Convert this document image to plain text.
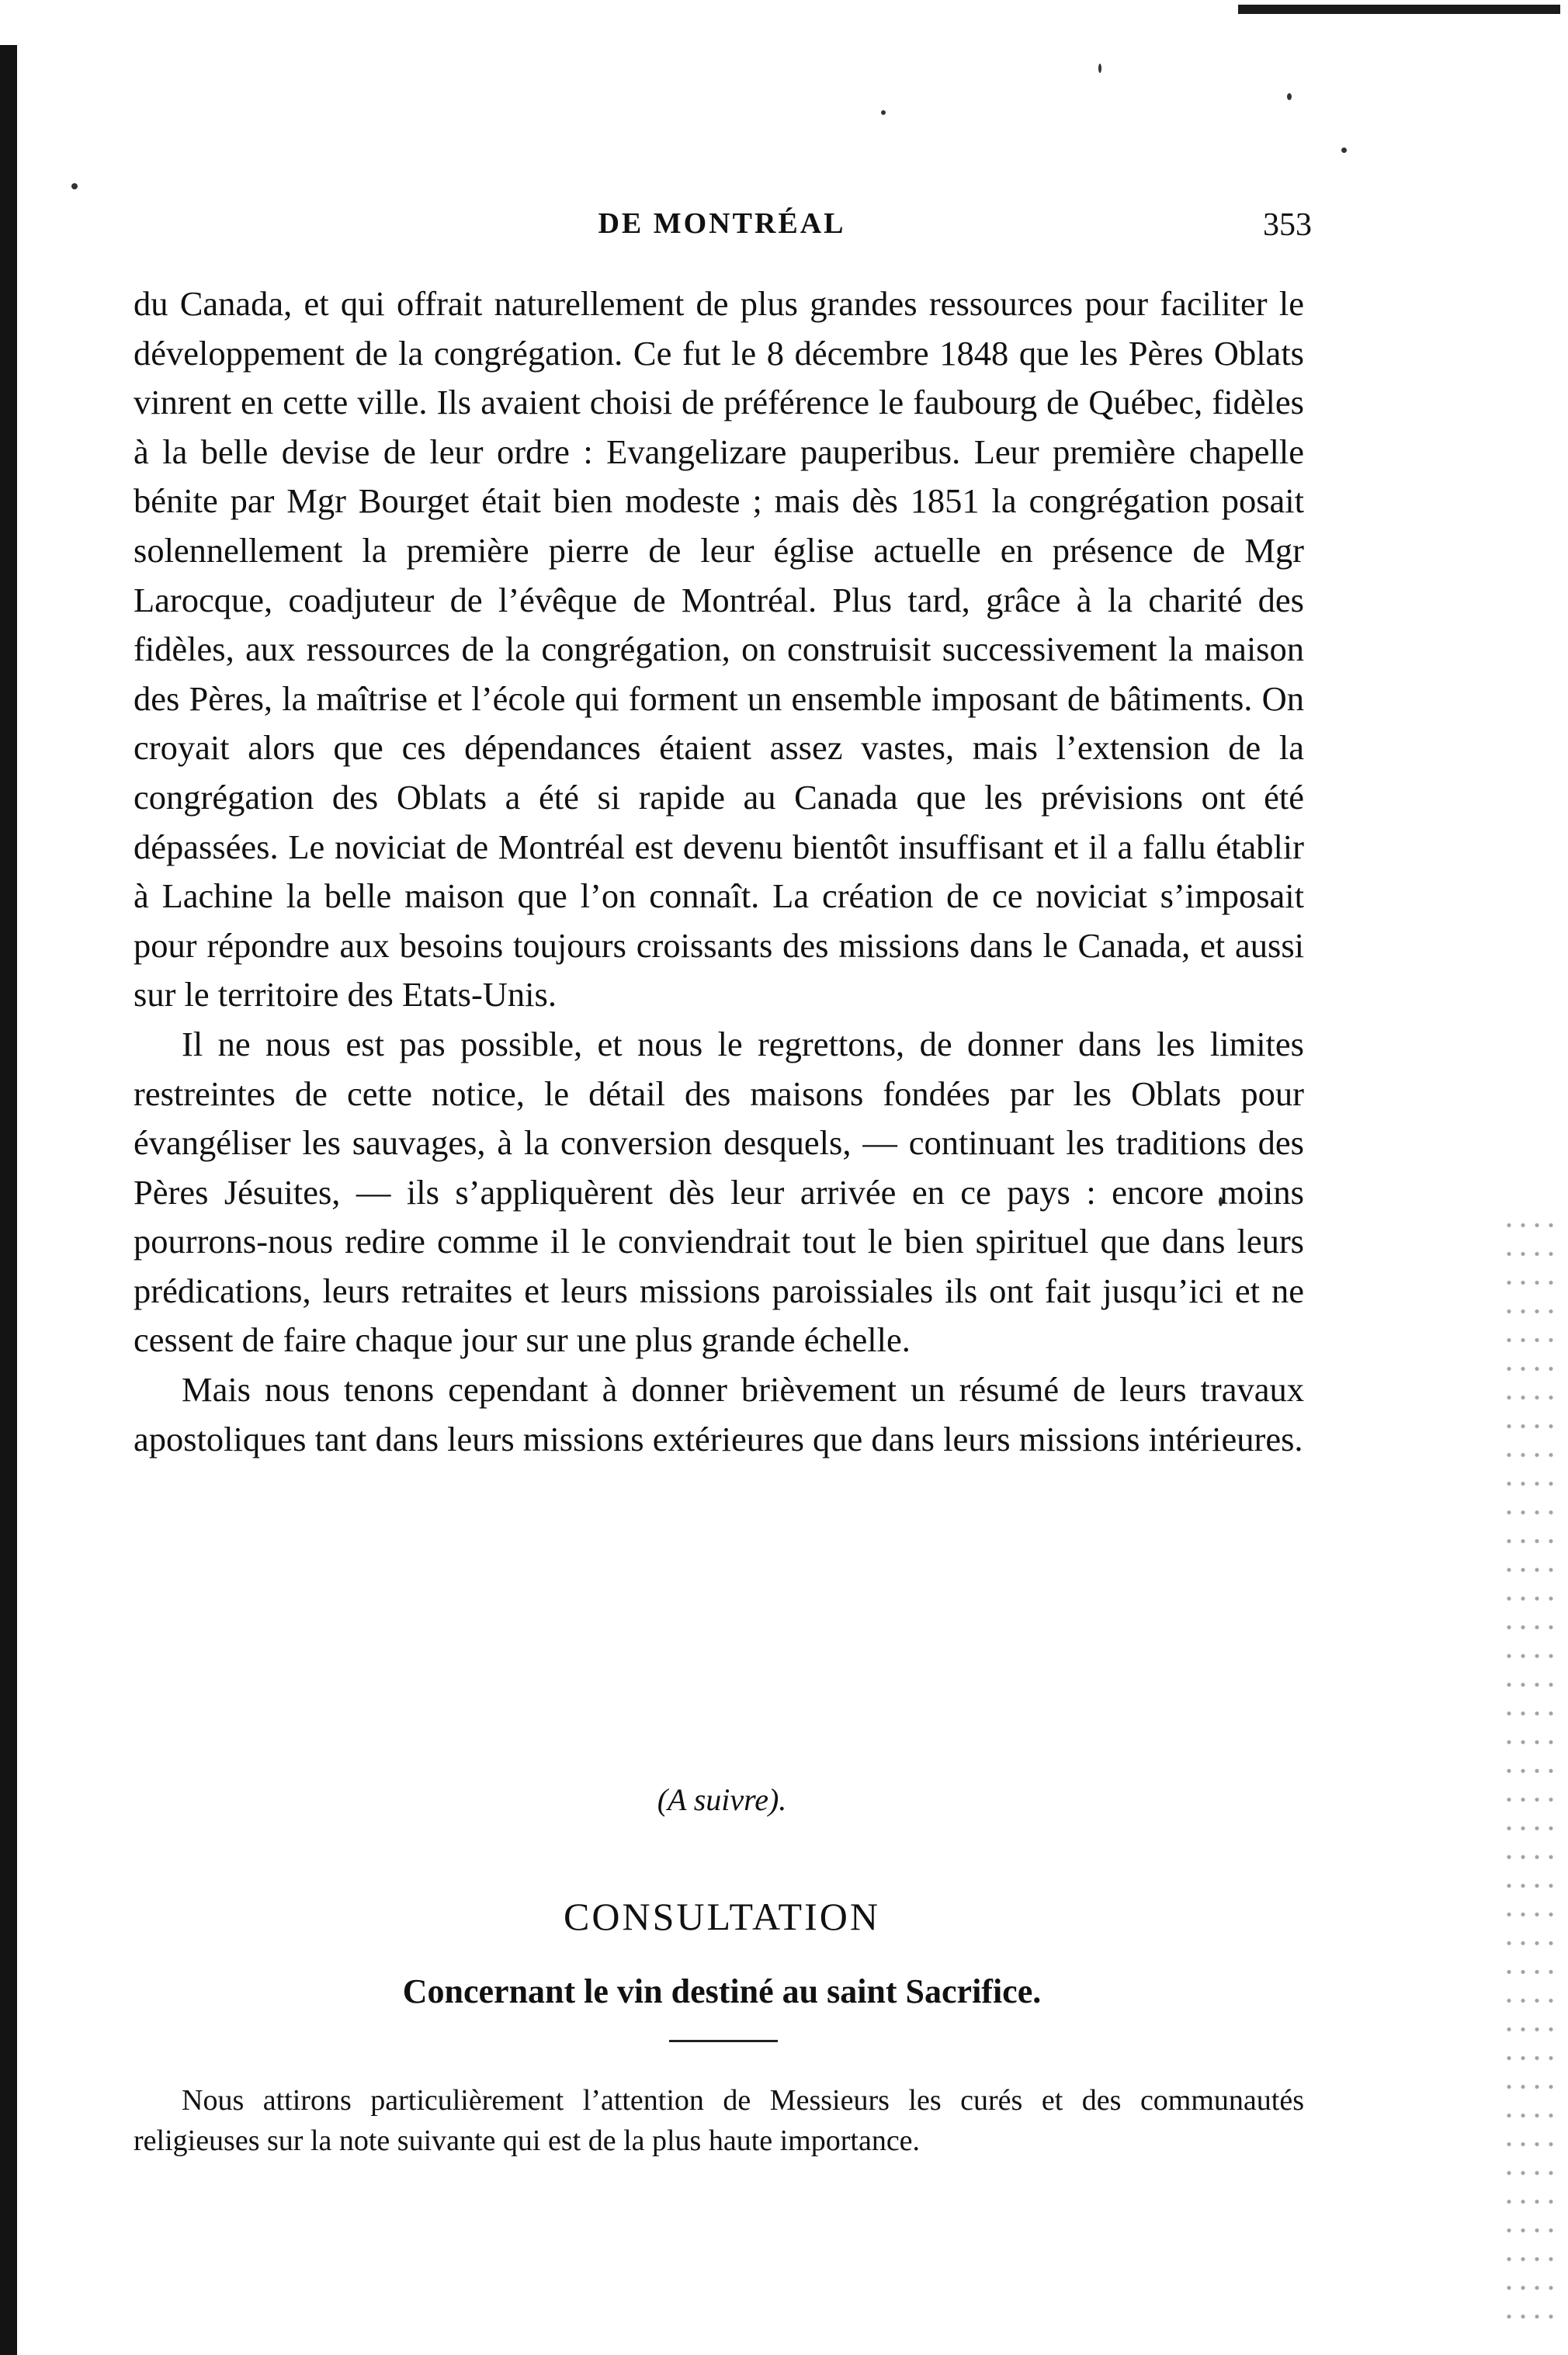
DE MONTRÉAL	353

du Canada, et qui offrait naturellement de plus grandes ressources pour faciliter le développement de la congrégation. Ce fut le 8 décembre 1848 que les Pères Oblats vinrent en cette ville. Ils avaient choisi de préférence le faubourg de Québec, fidèles à la belle devise de leur ordre : Evangelizare pauperibus. Leur première chapelle bénite par Mgr Bourget était bien modeste ; mais dès 1851 la congrégation posait solennellement la première pierre de leur église actuelle en présence de Mgr Larocque, coadjuteur de l’évêque de Montréal. Plus tard, grâce à la charité des fidèles, aux ressources de la congrégation, on construisit successivement la maison des Pères, la maîtrise et l’école qui forment un ensemble imposant de bâtiments. On croyait alors que ces dépendances étaient assez vastes, mais l’extension de la congrégation des Oblats a été si rapide au Canada que les prévisions ont été dépassées. Le noviciat de Montréal est devenu bientôt insuffisant et il a fallu établir à Lachine la belle maison que l’on connaît. La création de ce noviciat s’imposait pour répondre aux besoins toujours croissants des missions dans le Canada, et aussi sur le territoire des Etats-Unis.

Il ne nous est pas possible, et nous le regrettons, de donner dans les limites restreintes de cette notice, le détail des maisons fondées par les Oblats pour évangéliser les sauvages, à la conversion desquels, — continuant les traditions des Pères Jésuites, — ils s’appliquèrent dès leur arrivée en ce pays : encore moins pourrons-nous redire comme il le conviendrait tout le bien spirituel que dans leurs prédications, leurs retraites et leurs missions paroissiales ils ont fait jusqu’ici et ne cessent de faire chaque jour sur une plus grande échelle.

Mais nous tenons cependant à donner brièvement un résumé de leurs travaux apostoliques tant dans leurs missions extérieures que dans leurs missions intérieures.

(A suivre).
CONSULTATION
Concernant le vin destiné au saint Sacrifice.

Nous attirons particulièrement l’attention de Messieurs les curés et des communautés religieuses sur la note suivante qui est de la plus haute importance.
